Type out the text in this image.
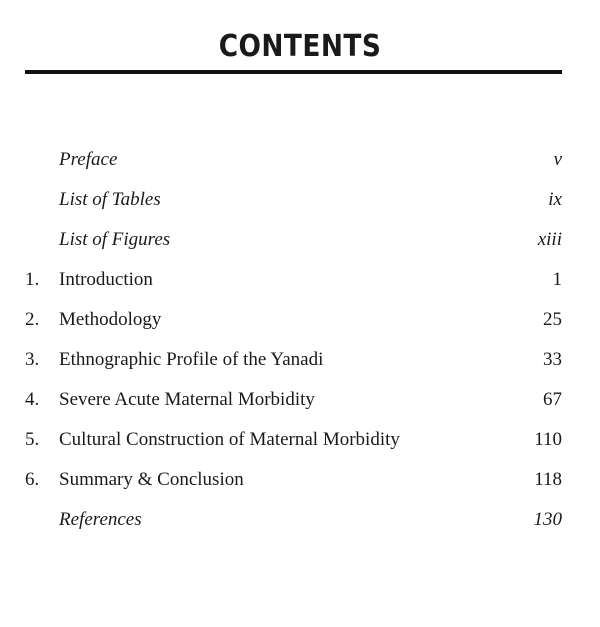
CONTENTS
Preface	v
List of Tables	ix
List of Figures	xiii
1. Introduction	1
2. Methodology	25
3. Ethnographic Profile of the Yanadi	33
4. Severe Acute Maternal Morbidity	67
5. Cultural Construction of Maternal Morbidity	110
6. Summary & Conclusion	118
References	130
